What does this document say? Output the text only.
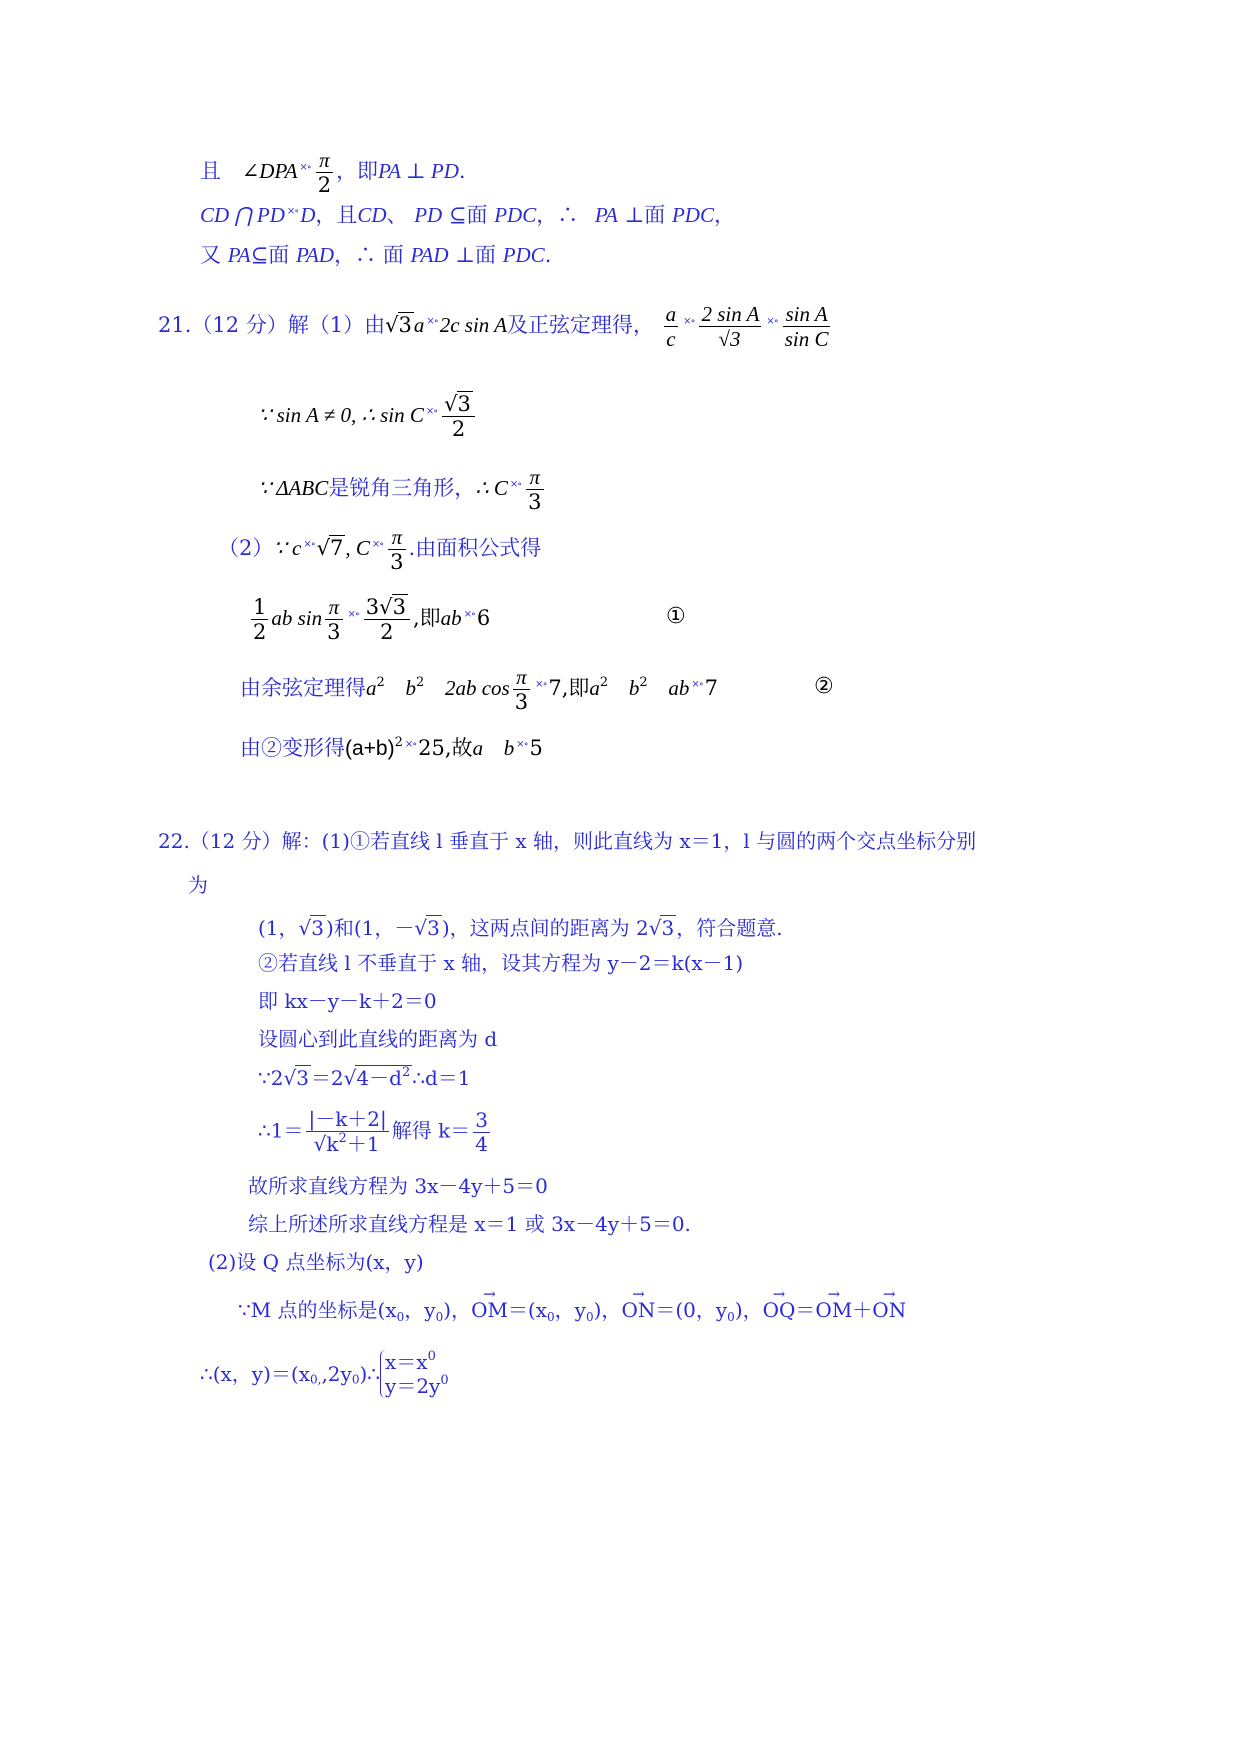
且 ∠DPA $^{\times\circ} \frac{\pi}{2}$ ，即PA ⊥ PD.
CD ⋂ PD ×∘D，且CD、 PD ⊆面 PDC，∴ PA ⊥面 PDC，
又 PA⊆面 PAD，∴ 面 PAD ⊥面 PDC.
21.（12 分）解（1）由√3a ×∘2c sin A及正弦定理得， $\frac{a}{c} ^{\times\circ} \frac{\text{2 sin A}}{√3} ^{\times\circ} \frac{\text{sin A}}{\text{sin C}}$
∵ sin A ≠ 0, ∴ sin C $^{\times\circ} \frac{√3}{2}$
∵ ΔABC是锐角三角形，∴ C $^{\times\circ} \frac{\pi}{3}$
（2）∵ c ×∘√7, C $^{\times\circ} \frac{\pi}{3}$ .由面积公式得
$\frac{1}{2}$ ab $\sin \frac{\pi}{3} ^{\times\circ} \frac{3√3}{2}$ ,即ab ×∘6	①
由余弦定理得$a^2$ $b^2$ 2ab $\cos \frac{\pi}{3} ^{\times\circ}7$,即$a^2$ $b^2$ ab ×∘7	②
由②变形得$(a+b)^2$ ×∘25,故a b ×∘5
22.（12 分）解：(1)①若直线 l 垂直于 x 轴，则此直线为 x＝1，l 与圆的两个交点坐标分别
为
(1，√3 )和(1，－√3 )，这两点间的距离为 2√3 ，符合题意.
②若直线 l 不垂直于 x 轴，设其方程为 y－2＝k(x－1)
即 kx－y－k＋2＝0
设圆心到此直线的距离为 d
∵2√3 $=2√4-d^2$ ∴d＝1
∴1＝ $\frac{|-k+2|}{√k^2+1}$ 解得 $k= \frac{3}{4}$
故所求直线方程为 3x－4y＋5＝0
综上所述所求直线方程是 x＝1 或 3x－4y＋5＝0.
(2)设 Q 点坐标为(x，y)
∵M 点的坐标是($x_0$，$y_0$)，→ $OM=(x_0$，$y_0$)，→ ON＝(0，$y_0$)，→ OQ＝→ OM＋→ ON
∴(x，$y)=(x_{0,},2y_0)\therefore$ $x=x^0$
$y=2y^0$
